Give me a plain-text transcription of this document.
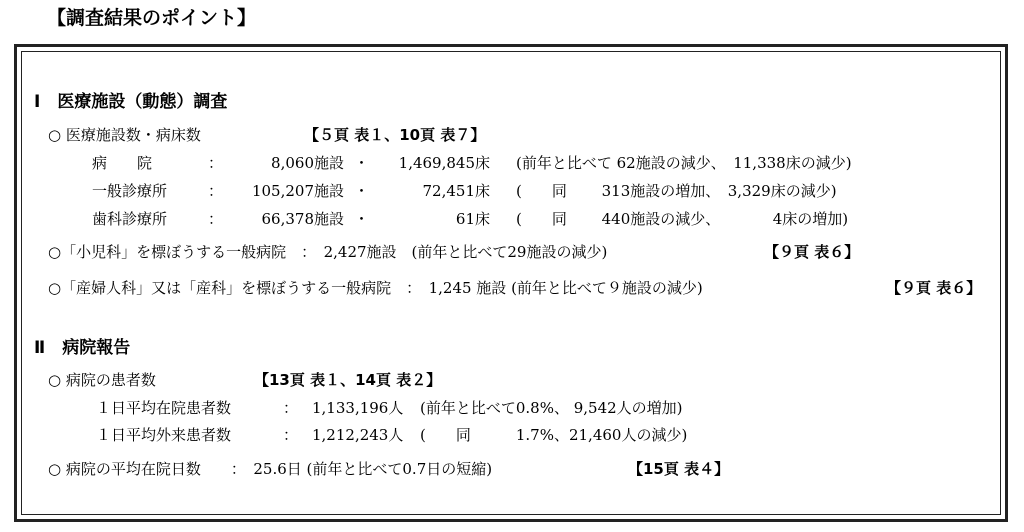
【調査結果のポイント】
Ⅰ　医療施設（動態）調査
○ 医療施設数・病床数	【５頁 表１、10頁 表７】
病　　院	：	8,060施設 ・	1,469,845床 (前年と比べて 62施設の減少、　11,338床の減少)
一般診療所	：	105,207施設 ・	72,451床 (　　同　　 313施設の増加、　3,329床の減少)
歯科診療所	：	66,378施設 ・	61床 (　　同　　 440施設の減少、　　　　4床の増加)
○「小児科」を標ぼうする一般病院　：　2,427施設　(前年と比べて29施設の減少)	【９頁 表６】
○「産婦人科」又は「産科」を標ぼうする一般病院　：　1,245 施設 (前年と比べて９施設の減少)	【９頁 表６】
Ⅱ　病院報告
○ 病院の患者数	【13頁 表１、14頁 表２】
１日平均在院患者数	： 1,133,196人 (前年と比べて0.8%、 9,542人の増加)
１日平均外来患者数	： 1,212,243人 (　　同　　　1.7%、21,460人の減少)
○ 病院の平均在院日数　　：　25.6日 (前年と比べて0.7日の短縮)	【15頁 表４】
